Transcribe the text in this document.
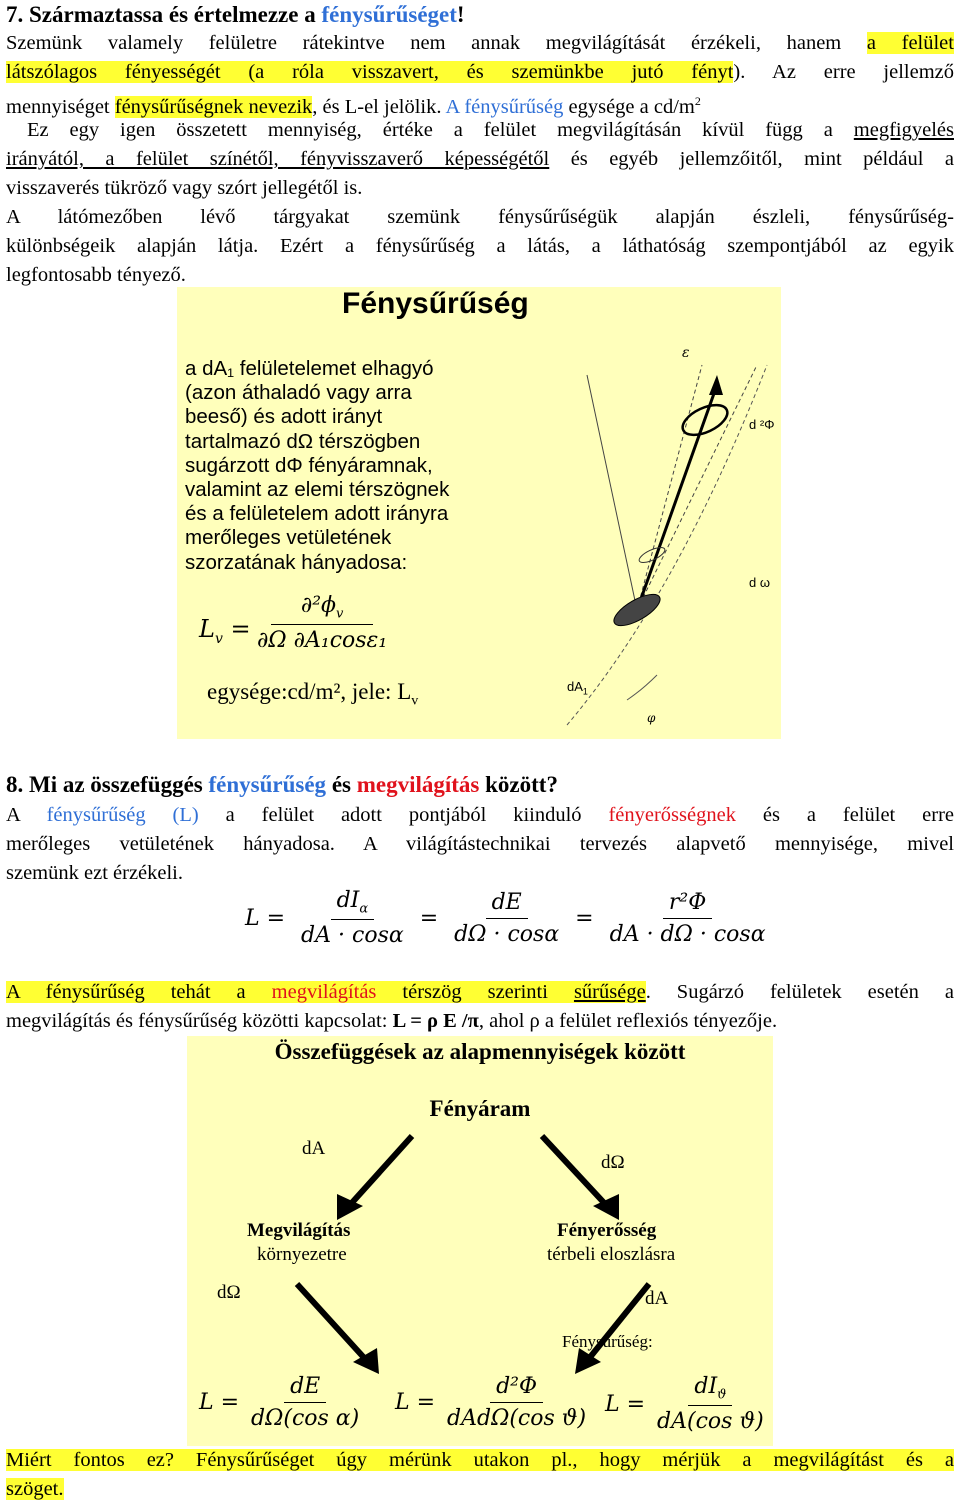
7. Származtassa és értelmezze a fénysűrűséget!
Szemünk valamely felületre rátekintve nem annak megvilágítását érzékeli, hanem a felület
látszólagos fényességét (a róla visszavert, és szemünkbe jutó fényt). Az erre jellemző
mennyiséget fénysűrűségnek nevezik, és L-el jelölik. A fénysűrűség egysége a $cd/m^2$
Ez egy igen összetett mennyiség, értéke a felület megvilágításán kívül függ a megfigyelés
irányától, a felület színétől, fényvisszaverő képességétől és egyéb jellemzőitől, mint például a
visszaverés tükröző vagy szórt jellegétől is.
A látómezőben lévő tárgyakat szemünk fénysűrűségük alapján észleli, fénysűrűség-
különbségeik alapján látja. Ezért a fénysűrűség a látás, a láthatóság szempontjából az egyik
legfontosabb tényező.
Fénysűrűség
a dA₁ felületelemet elhagyó
(azon áthaladó vagy arra
beeső) és adott irányt
tartalmazó dΩ térszögben
sugárzott dΦ fényáramnak,
valamint az elemi térszögnek
és a felületelem adott irányra
merőleges vetületének
szorzatának hányadosa:
$L_v = \frac{\partial^2\phi_v}{\text{∂Ω ∂A₁cosε₁}}$
egysége:cd/m², jele: $L_v$
ε
d ²Φ
d ω
$dA_1$
φ
8. Mi az összefüggés fénysűrűség és megvilágítás között?
A fénysűrűség (L) a felület adott pontjából kiinduló fényerősségnek és a felület erre
merőleges vetületének hányadosa. A világítástechnikai tervezés alapvető mennyisége, mivel
szemünk ezt érzékeli.
$L = \frac{dI_\alpha}{dA \cdot \cos\alpha} = \frac{dE}{d\Omega \cdot \cos\alpha} = \frac{\text{r²Φ}}{dA \cdot d\Omega \cdot \cos\alpha}$
A fénysűrűség tehát a megvilágítás térszög szerinti sűrűsége. Sugárzó felületek esetén a
megvilágítás és fénysűrűség közötti kapcsolat: L = ρ E /π, ahol ρ a felület reflexiós tényezője.
Összefüggések az alapmennyiségek között
Fényáram
dA
dΩ
Megvilágítás
környezetre
Fényerősség
térbeli eloszlásra
dΩ	dA
Fénysűrűség:
$L = \frac{dE}{\text{dΩ(cos α)}}$ $L = \frac{\text{d²Φ}}{\text{dAdΩ(cos ϑ)}}$ $L = \frac{dI_ϑ}{\text{dA(cos ϑ)}}$
Miért fontos ez? Fénysűrűséget úgy mérünk utakon pl., hogy mérjük a megvilágítást és a
szöget.
